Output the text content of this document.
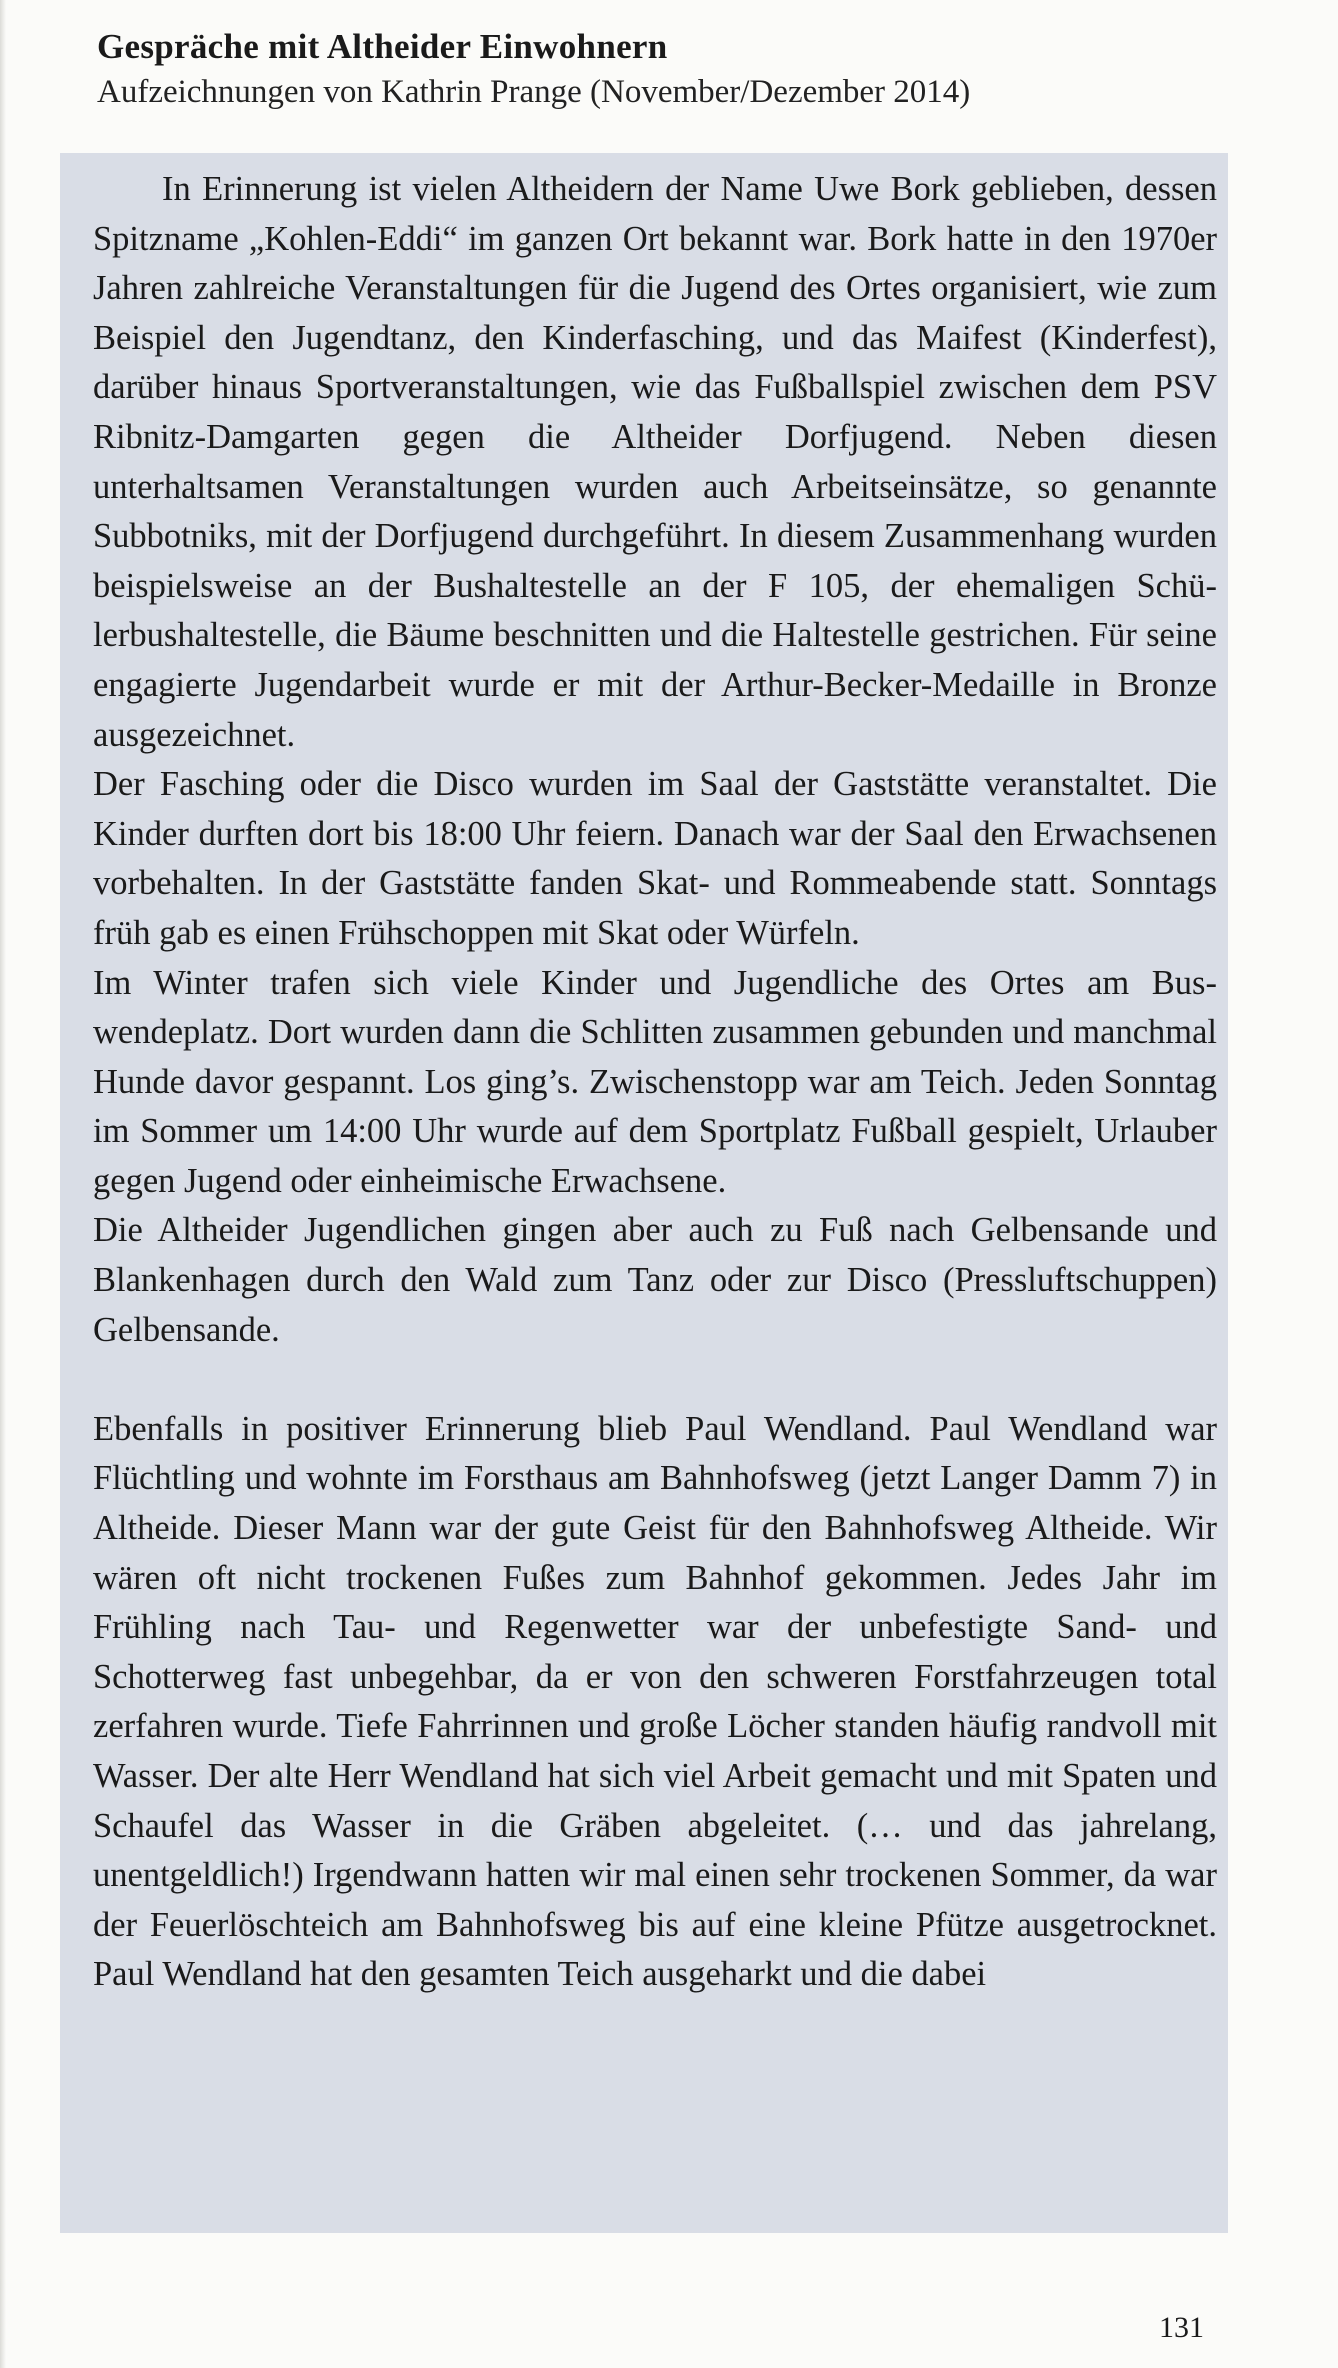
Gespräche mit Altheider Einwohnern

Aufzeichnungen von Kathrin Prange (November/Dezember 2014)

In Erinnerung ist vielen Altheidern der Name Uwe Bork geblieben, dessen Spitzname „Kohlen-Eddi“ im ganzen Ort bekannt war. Bork hatte in den 1970er Jahren zahlreiche Veranstaltungen für die Jugend des Ortes organisiert, wie zum Beispiel den Jugendtanz, den Kinderfasching, und das Maifest (Kinderfest), darüber hinaus Sportveranstaltungen, wie das Fußballspiel zwischen dem PSV Ribnitz-Damgarten gegen die Altheider Dorfjugend. Neben diesen unterhaltsamen Veranstaltungen wurden auch Arbeitseinsätze, so genannte Subbotniks, mit der Dorfjugend durchgeführt. In diesem Zusammenhang wurden beispielsweise an der Bushaltestelle an der F 105, der ehemaligen Schülerbushaltestelle, die Bäume beschnitten und die Haltestelle gestrichen. Für seine engagierte Jugendarbeit wurde er mit der Arthur-Becker-Medaille in Bronze ausgezeichnet.

Der Fasching oder die Disco wurden im Saal der Gaststätte veranstaltet. Die Kinder durften dort bis 18:00 Uhr feiern. Danach war der Saal den Erwachsenen vorbehalten. In der Gaststätte fanden Skat- und Rommeabende statt. Sonntags früh gab es einen Frühschoppen mit Skat oder Würfeln.

Im Winter trafen sich viele Kinder und Jugendliche des Ortes am Buswendeplatz. Dort wurden dann die Schlitten zusammen gebunden und manchmal Hunde davor gespannt. Los ging’s. Zwischenstopp war am Teich. Jeden Sonntag im Sommer um 14:00 Uhr wurde auf dem Sportplatz Fußball gespielt, Urlauber gegen Jugend oder einheimische Erwachsene.

Die Altheider Jugendlichen gingen aber auch zu Fuß nach Gelbensande und Blankenhagen durch den Wald zum Tanz oder zur Disco (Pressluftschuppen) Gelbensande.

Ebenfalls in positiver Erinnerung blieb Paul Wendland. Paul Wendland war Flüchtling und wohnte im Forsthaus am Bahnhofsweg (jetzt Langer Damm 7) in Altheide. Dieser Mann war der gute Geist für den Bahnhofsweg Altheide. Wir wären oft nicht trockenen Fußes zum Bahnhof gekommen. Jedes Jahr im Frühling nach Tau- und Regenwetter war der unbefestigte Sand- und Schotterweg fast unbegehbar, da er von den schweren Forstfahrzeugen total zerfahren wurde. Tiefe Fahrrinnen und große Löcher standen häufig randvoll mit Wasser. Der alte Herr Wendland hat sich viel Arbeit gemacht und mit Spaten und Schaufel das Wasser in die Gräben abgeleitet. (… und das jahrelang, unentgeldlich!) Irgendwann hatten wir mal einen sehr trockenen Sommer, da war der Feuerlöschteich am Bahnhofsweg bis auf eine kleine Pfütze ausgetrocknet. Paul Wendland hat den gesamten Teich ausgeharkt und die dabei

131
